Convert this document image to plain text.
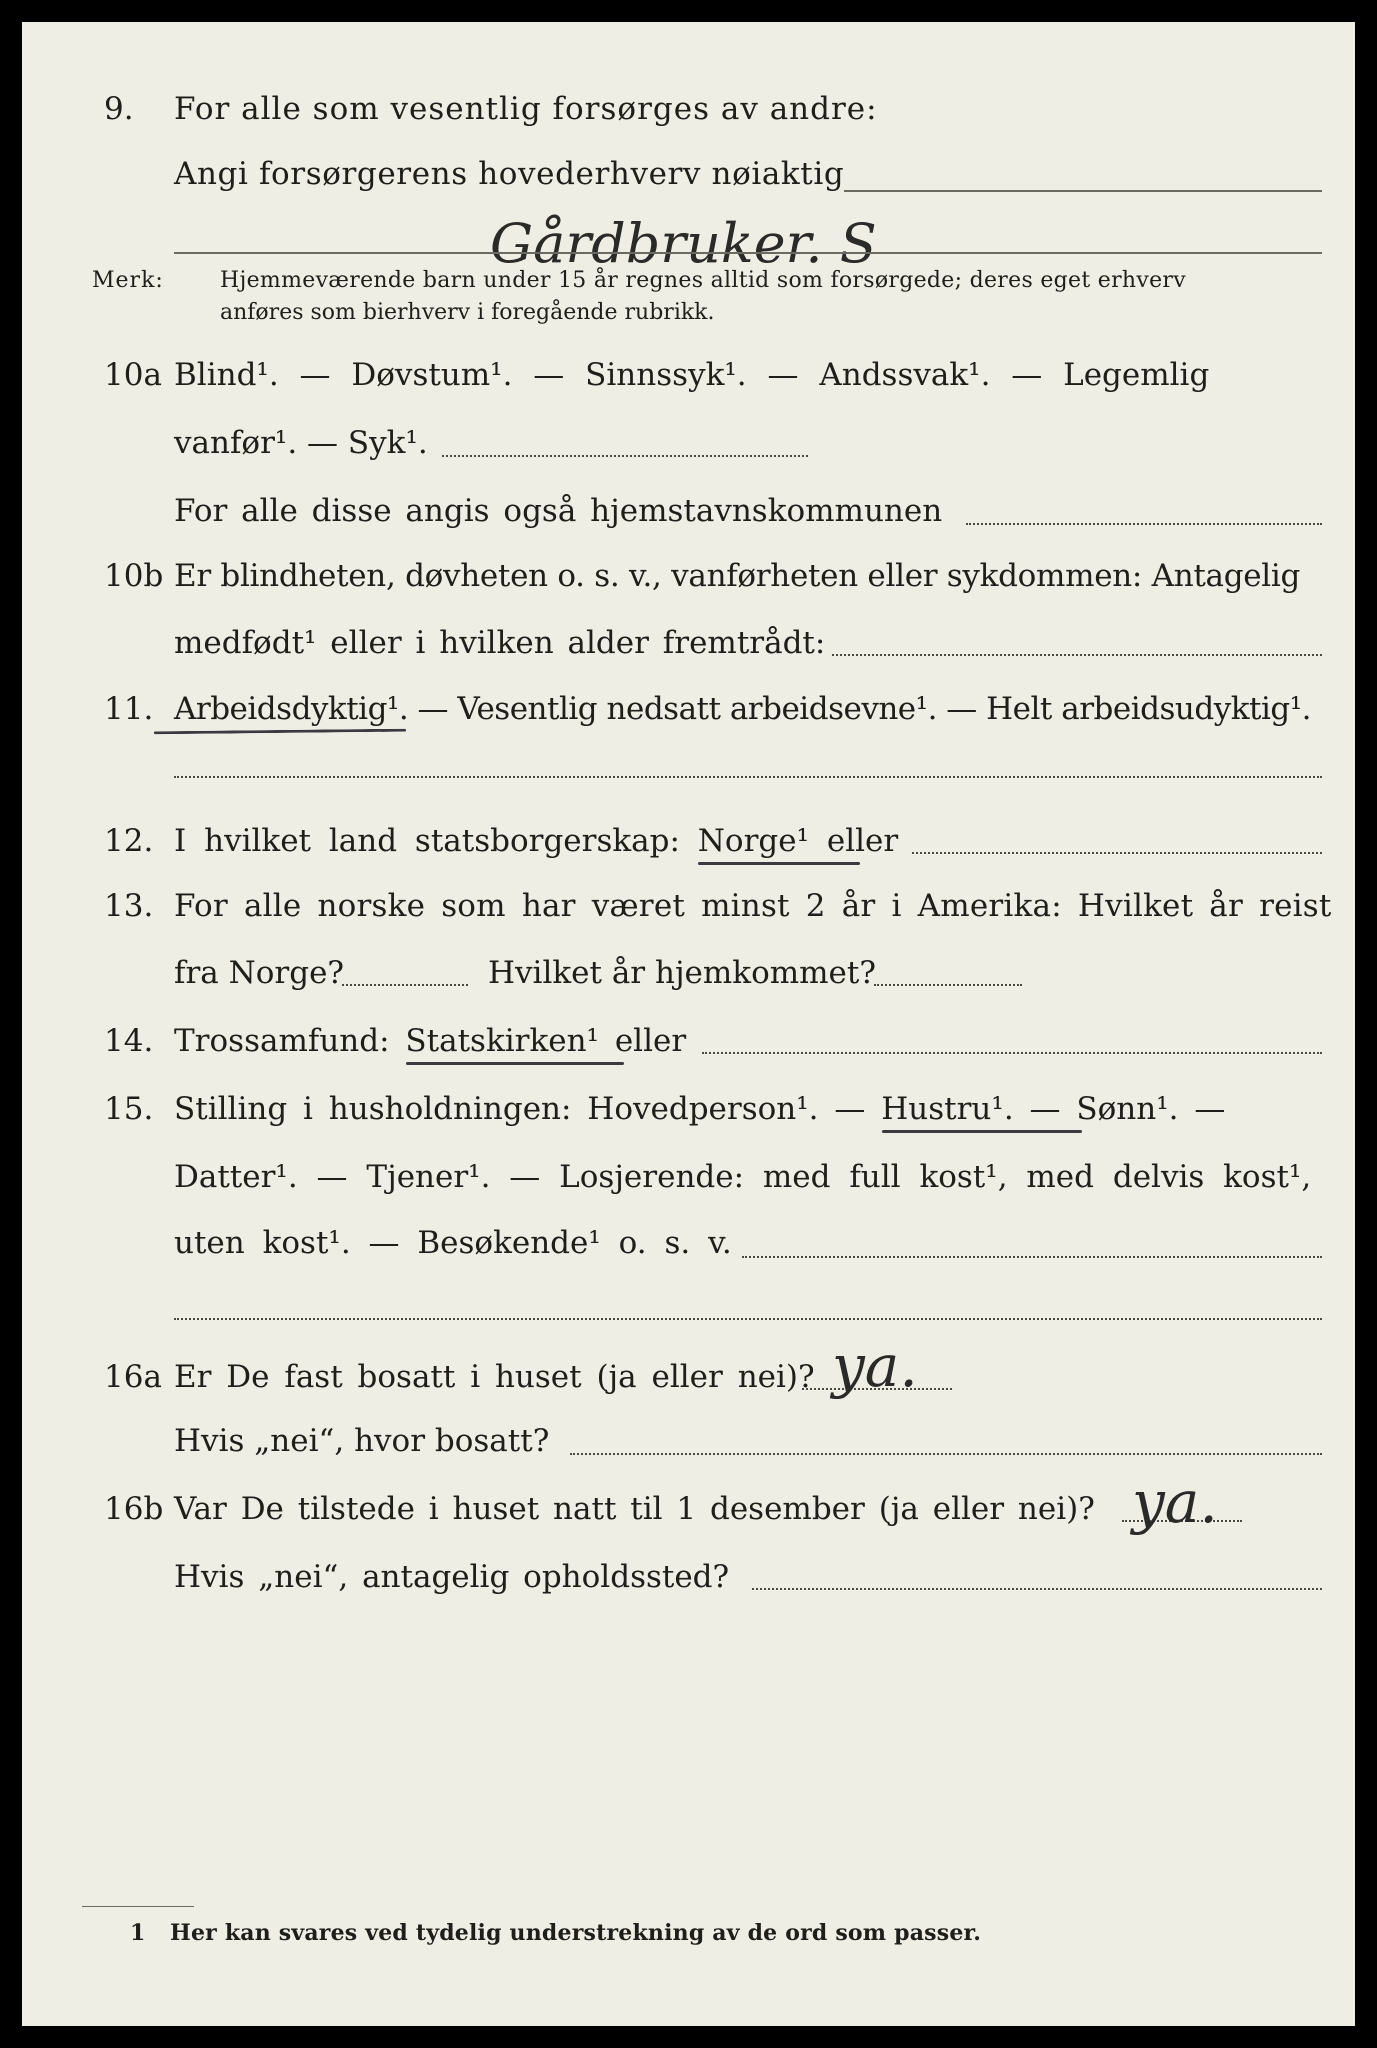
9. For alle som vesentlig forsørges av andre:
Angi forsørgerens hovederhverv nøiaktig
Gårdbruker. S
Merk:	Hjemmeværende barn under 15 år regnes alltid som forsørgede; deres eget erhverv
anføres som bierhverv i foregående rubrikk.
10a Blind¹. — Døvstum¹. — Sinnssyk¹. — Andssvak¹. — Legemlig
vanfør¹. — Syk¹.
For alle disse angis også hjemstavnskommunen
10b Er blindheten, døvheten o. s. v., vanførheten eller sykdommen: Antagelig
medfødt¹ eller i hvilken alder fremtrådt:
11. Arbeidsdyktig¹. — Vesentlig nedsatt arbeidsevne¹. — Helt arbeidsudyktig¹.
12. I hvilket land statsborgerskap: Norge¹ eller
13. For alle norske som har været minst 2 år i Amerika: Hvilket år reist
fra Norge?	Hvilket år hjemkommet?
14. Trossamfund: Statskirken¹ eller
15. Stilling i husholdningen: Hovedperson¹. — Hustru¹. — Sønn¹. —
Datter¹. — Tjener¹. — Losjerende: med full kost¹, med delvis kost¹,
uten kost¹. — Besøkende¹ o. s. v.
16a Er De fast bosatt i huset (ja eller nei)? ya.
Hvis „nei“, hvor bosatt?
16b Var De tilstede i huset natt til 1 desember (ja eller nei)? ya.
Hvis „nei“, antagelig opholdssted?
1 Her kan svares ved tydelig understrekning av de ord som passer.
